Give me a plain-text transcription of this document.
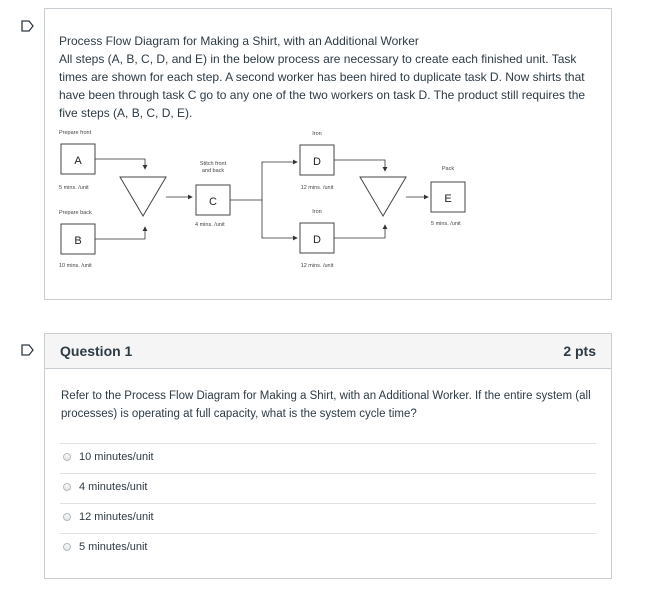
Process Flow Diagram for Making a Shirt, with an Additional Worker

All steps (A, B, C, D, and E) in the below process are necessary to create each finished unit. Task times are shown for each step. A second worker has been hired to duplicate task D. Now shirts that have been through task C go to any one of the two workers on task D. The product still requires the five steps (A, B, C, D, E).

Prepare front
A
5 mins. /unit
Prepare back
B
10 mins. /unit
Stitch front
and back
C
4 mins. /unit
Iron
D
12 mins. /unit
Iron
D
12 mins. /unit
Pack
E
5 mins. /unit
Question 1	2 pts
Refer to the Process Flow Diagram for Making a Shirt, with an Additional Worker. If the entire system (all processes) is operating at full capacity, what is the system cycle time?
10 minutes/unit
4 minutes/unit
12 minutes/unit
5 minutes/unit
